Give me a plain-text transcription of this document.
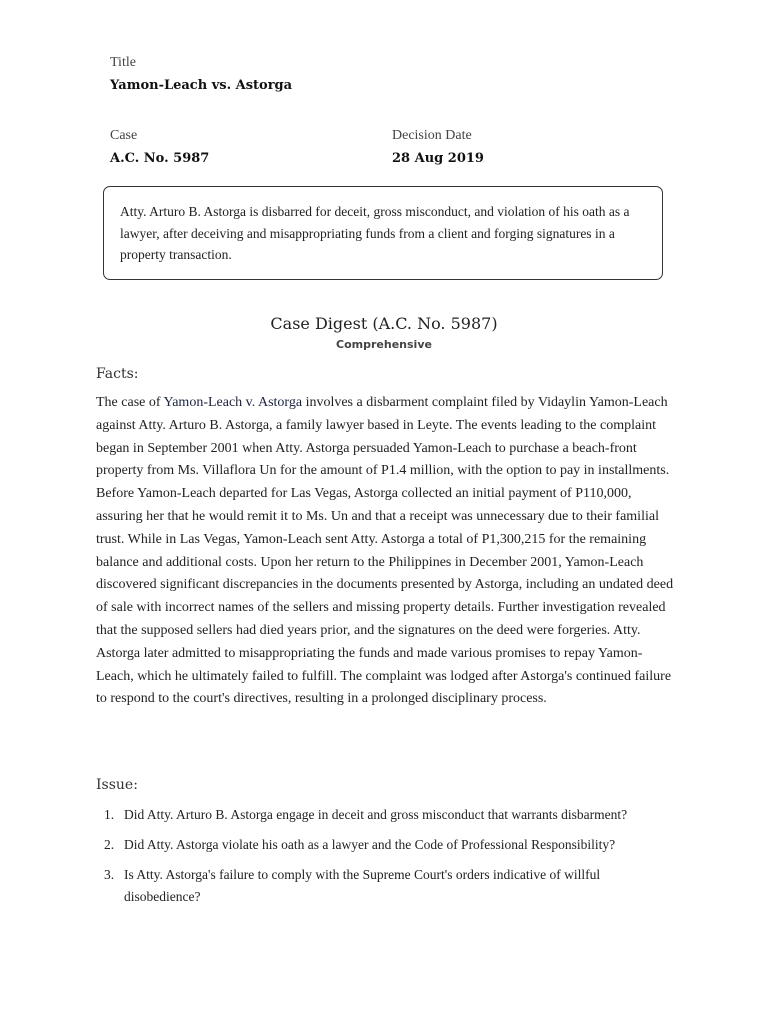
Title
Yamon-Leach vs. Astorga
Case
A.C. No. 5987
Decision Date
28 Aug 2019
Atty. Arturo B. Astorga is disbarred for deceit, gross misconduct, and violation of his oath as a lawyer, after deceiving and misappropriating funds from a client and forging signatures in a property transaction.
Case Digest (A.C. No. 5987)
Comprehensive
Facts:

The case of Yamon-Leach v. Astorga involves a disbarment complaint filed by Vidaylin Yamon-Leach against Atty. Arturo B. Astorga, a family lawyer based in Leyte. The events leading to the complaint began in September 2001 when Atty. Astorga persuaded Yamon-Leach to purchase a beach-front property from Ms. Villaflora Un for the amount of P1.4 million, with the option to pay in installments. Before Yamon-Leach departed for Las Vegas, Astorga collected an initial payment of P110,000, assuring her that he would remit it to Ms. Un and that a receipt was unnecessary due to their familial trust. While in Las Vegas, Yamon-Leach sent Atty. Astorga a total of P1,300,215 for the remaining balance and additional costs. Upon her return to the Philippines in December 2001, Yamon-Leach discovered significant discrepancies in the documents presented by Astorga, including an undated deed of sale with incorrect names of the sellers and missing property details. Further investigation revealed that the supposed sellers had died years prior, and the signatures on the deed were forgeries. Atty. Astorga later admitted to misappropriating the funds and made various promises to repay Yamon-Leach, which he ultimately failed to fulfill. The complaint was lodged after Astorga's continued failure to respond to the court's directives, resulting in a prolonged disciplinary process.

Issue:
1. Did Atty. Arturo B. Astorga engage in deceit and gross misconduct that warrants disbarment?
2. Did Atty. Astorga violate his oath as a lawyer and the Code of Professional Responsibility?
3. Is Atty. Astorga's failure to comply with the Supreme Court's orders indicative of willful disobedience?
